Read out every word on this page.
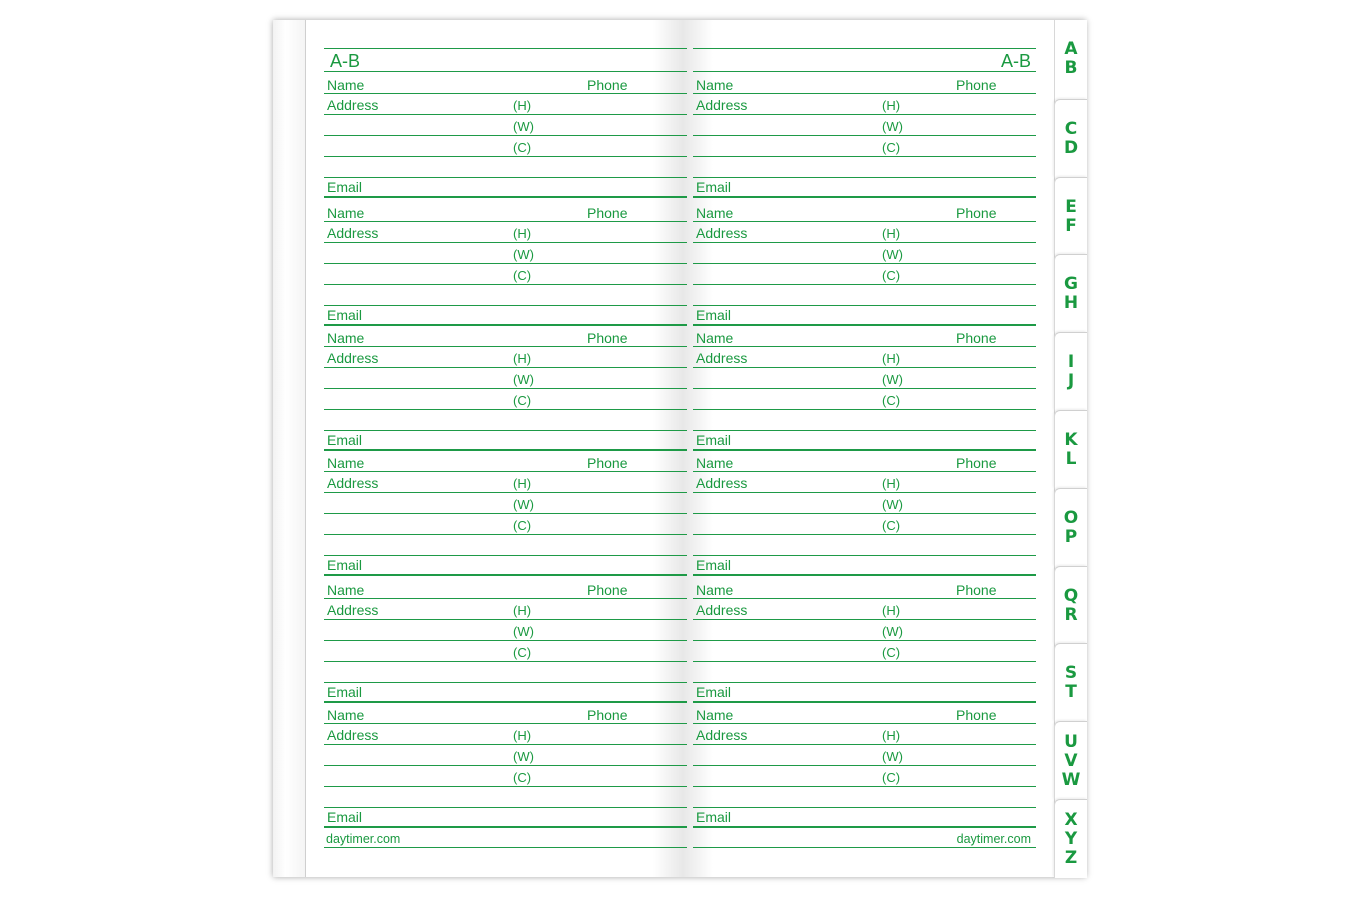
A-B
Name	Phone
Address	(H)
(W)
(C)
Email
Name	Phone
Address	(H)
(W)
(C)
Email
Name	Phone
Address	(H)
(W)
(C)
Email
Name	Phone
Address	(H)
(W)
(C)
Email
Name	Phone
Address	(H)
(W)
(C)
Email
Name	Phone
Address	(H)
(W)
(C)
Email
daytimer.com
A-B
Name	Phone
Address	(H)
(W)
(C)
Email
Name	Phone
Address	(H)
(W)
(C)
Email
Name	Phone
Address	(H)
(W)
(C)
Email
Name	Phone
Address	(H)
(W)
(C)
Email
Name	Phone
Address	(H)
(W)
(C)
Email
Name	Phone
Address	(H)
(W)
(C)
Email
daytimer.com
A
B
C
D
E
F
G
H
I
J
K
L
O
P
Q
R
S
T
U
V
W
X
Y
Z
